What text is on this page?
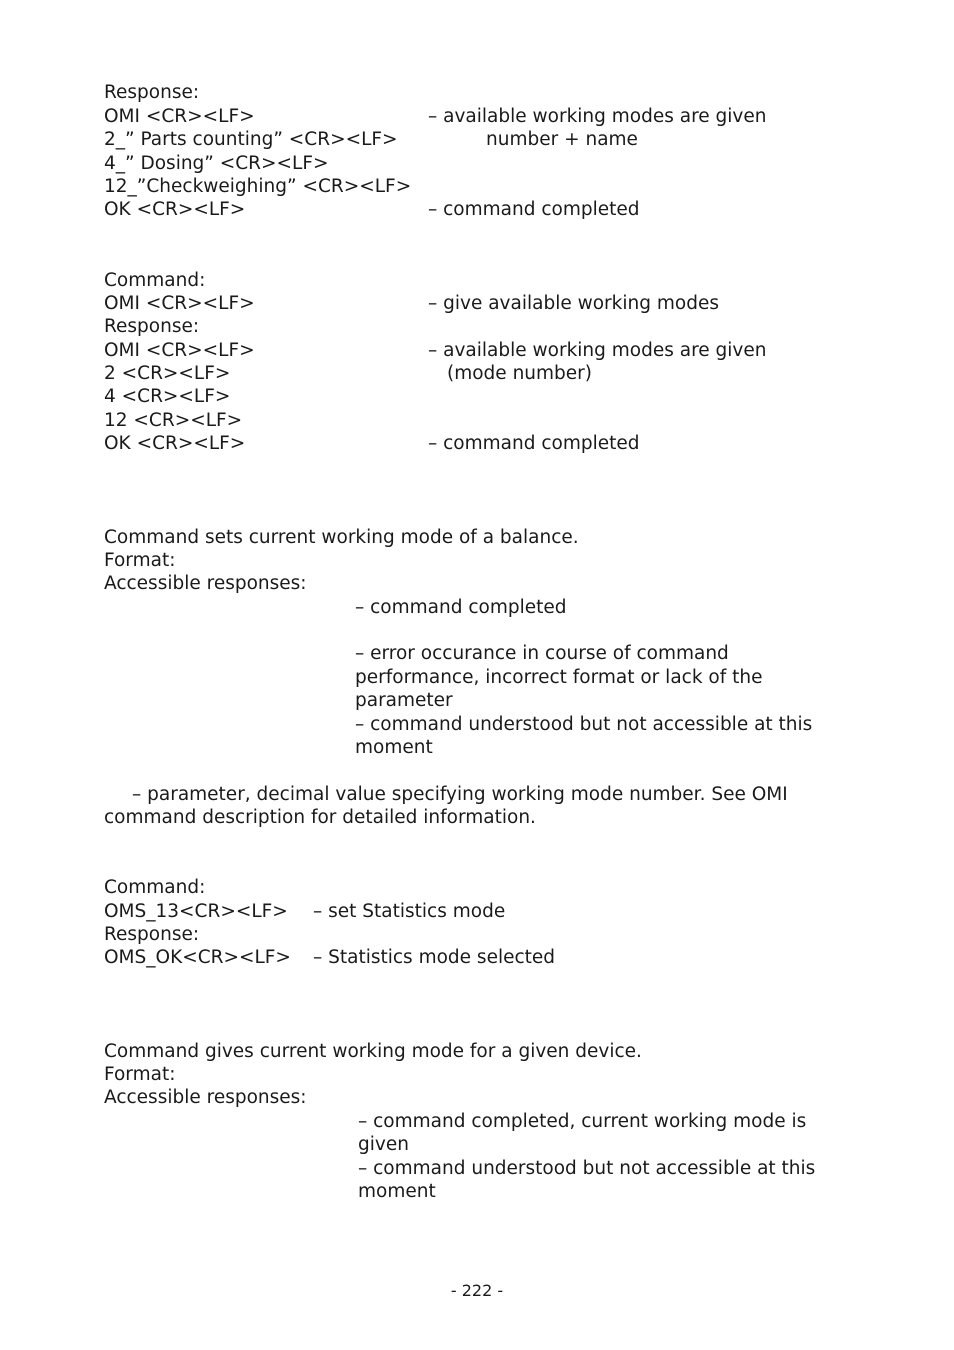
Response:
OMI <CR><LF>	– available working modes are given
2_” Parts counting” <CR><LF>	number + name
4_” Dosing” <CR><LF>
12_”Checkweighing” <CR><LF>
OK <CR><LF>	– command completed
Command:
OMI <CR><LF>	– give available working modes
Response:
OMI <CR><LF>	– available working modes are given
2 <CR><LF>	(mode number)
4 <CR><LF>
12 <CR><LF>
OK <CR><LF>	– command completed
Command sets current working mode of a balance.
Format:
Accessible responses:
– command completed
– error occurance in course of command
performance, incorrect format or lack of the
parameter
– command understood but not accessible at this
moment
– parameter, decimal value specifying working mode number. See OMI
command description for detailed information.
Command:
OMS_13<CR><LF> – set Statistics mode
Response:
OMS_OK<CR><LF> – Statistics mode selected
Command gives current working mode for a given device.
Format:
Accessible responses:
– command completed, current working mode is
given
– command understood but not accessible at this
moment
- 222 -
